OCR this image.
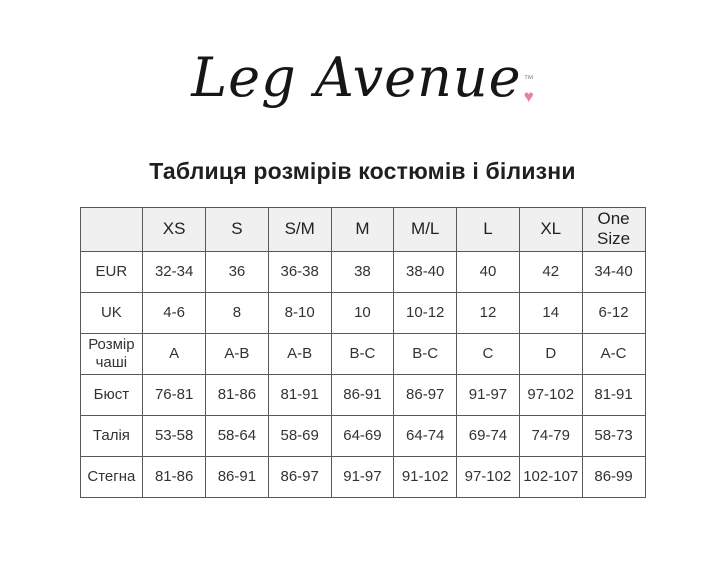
Leg Avenue ™
♥
Таблиця розмірів костюмів і білизни
	XS	S	S/M	M	M/L	L	XL	One Size
EUR	32-34	36	36-38	38	38-40	40	42	34-40
UK	4-6	8	8-10	10	10-12	12	14	6-12
Розмір чаші	A	A-B	A-B	B-C	B-C	C	D	A-C
Бюст	76-81	81-86	81-91	86-91	86-97	91-97	97-102	81-91
Талія	53-58	58-64	58-69	64-69	64-74	69-74	74-79	58-73
Стегна	81-86	86-91	86-97	91-97	91-102	97-102	102-107	86-99
